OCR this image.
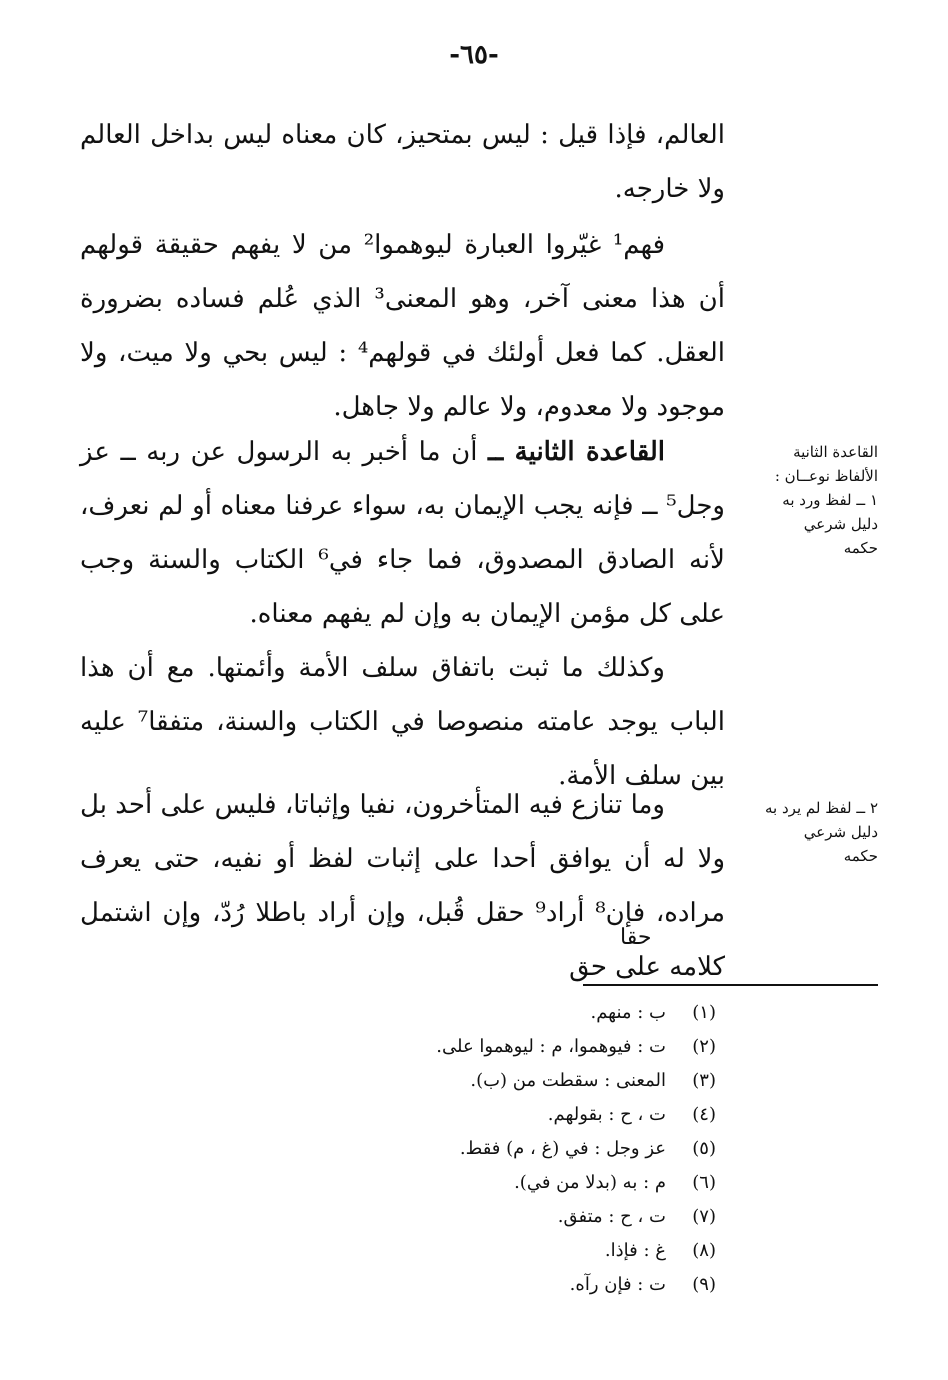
-٦٥-

العالم، فإذا قيل : ليس بمتحيز، كان معناه ليس بداخل العالم ولا خارجه.

فهم¹ غيّروا العبارة ليوهموا² من لا يفهم حقيقة قولهم أن هذا معنى آخر، وهو المعنى³ الذي عُلم فساده بضرورة العقل. كما فعل أولئك في قولهم⁴ : ليس بحي ولا ميت، ولا موجود ولا معدوم، ولا عالم ولا جاهل.

القاعدة الثانية ــ أن ما أخبر به الرسول عن ربه ــ عز وجل⁵ ــ فإنه يجب الإيمان به، سواء عرفنا معناه أو لم نعرف، لأنه الصادق المصدوق، فما جاء في⁶ الكتاب والسنة وجب على كل مؤمن الإيمان به وإن لم يفهم معناه.

وكذلك ما ثبت باتفاق سلف الأمة وأئمتها. مع أن هذا الباب يوجد عامته منصوصا في الكتاب والسنة، متفقا⁷ عليه بين سلف الأمة.

وما تنازع فيه المتأخرون، نفيا وإثباتا، فليس على أحد بل ولا له أن يوافق أحدا على إثبات لفظ أو نفيه، حتى يعرف مراده، فإن⁸ أراد⁹ حقل قُبل، وإن أراد باطلا رُدّ، وإن اشتمل كلامه على حق

حقا
القاعدة الثانية
الألفاظ نوعــان :
١ ــ لفظ ورد به
دليل شرعي
حكمه
٢ ــ لفظ لم يرد به
دليل شرعي
حكمه
(١)
ب : منهم.
(٢)
ت : فيوهموا، م : ليوهموا على.
(٣)
المعنى : سقطت من (ب).
(٤)
ت ، ح : بقولهم.
(٥)
عز وجل : في (غ ، م) فقط.
(٦)
م : به (بدلا من في).
(٧)
ت ، ح : متفق.
(٨)
غ : فإذا.
(٩)
ت : فإن رآه.
